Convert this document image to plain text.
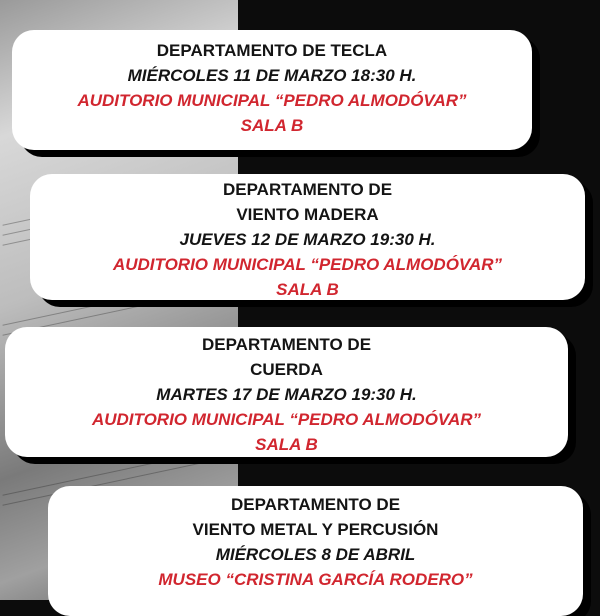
DEPARTAMENTO DE TECLA
MIÉRCOLES 11 DE MARZO 18:30 H.
AUDITORIO MUNICIPAL “PEDRO ALMODÓVAR”
SALA B
DEPARTAMENTO DE
VIENTO MADERA
JUEVES 12 DE MARZO 19:30 H.
AUDITORIO MUNICIPAL “PEDRO ALMODÓVAR”
SALA B
DEPARTAMENTO DE
CUERDA
MARTES 17 DE MARZO 19:30 H.
AUDITORIO MUNICIPAL “PEDRO ALMODÓVAR”
SALA B
DEPARTAMENTO DE
VIENTO METAL Y PERCUSIÓN
MIÉRCOLES 8 DE ABRIL
MUSEO “CRISTINA GARCÍA RODERO”
